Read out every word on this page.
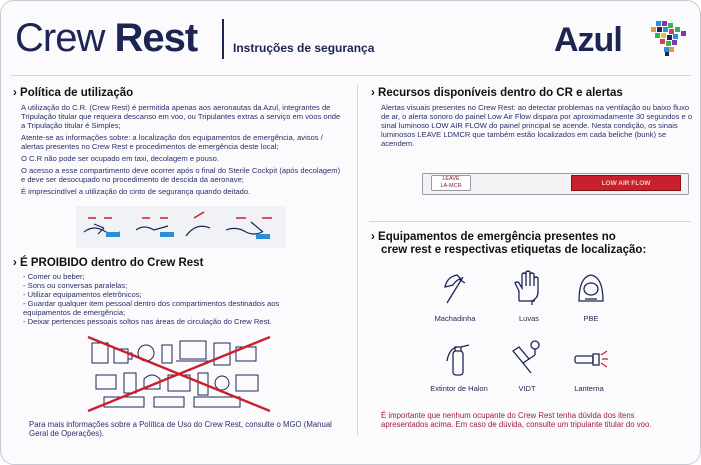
Crew Rest	Instruções de segurança	Azul
› Política de utilização

A utilização do C.R. (Crew Rest) é permitida apenas aos aeronautas da Azul, integrantes de Tripulação titular que requeira descanso em voo, ou Tripulantes extras a serviço em voos onde a Tripulação titular é Simples;

Atente-se as informações sobre: a localização dos equipamentos de emergência, avisos / alertas presentes no Crew Rest e procedimentos de emergência deste local;

O C.R não pode ser ocupado em taxi, decolagem e pouso.

O acesso a esse compartimento deve ocorrer após o final do Sterile Cockpit (após decolagem) e deve ser desocupado no procedimento de descida da aeronave;

É imprescindível a utilização do cinto de segurança quando deitado.

› É PROIBIDO dentro do Crew Rest
- Comer ou beber;
- Sons ou conversas paralelas;
- Utilizar equipamentos eletrônicos;
- Guardar qualquer item pessoal dentro dos compartimentos destinados aos equipamentos de emergência;
- Deixar pertences pessoais soltos nas áreas de circulação do Crew Rest.
Para mais informações sobre a Política de Uso do Crew Rest, consulte o MGO (Manual Geral de Operações).
› Recursos disponíveis dentro do CR e alertas
Alertas visuais presentes no Crew Rest: ao detectar problemas na ventilação ou baixo fluxo de ar, o alerta sonoro do painel Low Air Flow dispara por aproximadamente 30 segundos e o sinal luminoso LOW AIR FLOW do painel principal se acende. Nesta condição, os sinais luminosos LEAVE LDMCR que também estão localizados em cada beliche (bunk) se acendem.
LEAVE
LA-MCR	LOW AIR FLOW
› Equipamentos de emergência presentes no
crew rest e respectivas etiquetas de localização:
Machadinha	Luvas	PBE
Extintor de Halon	VIDT	Lanterna
É importante que nenhum ocupante do Crew Rest tenha dúvida dos itens apresentados acima. Em caso de dúvida, consulte um tripulante titular do voo.
